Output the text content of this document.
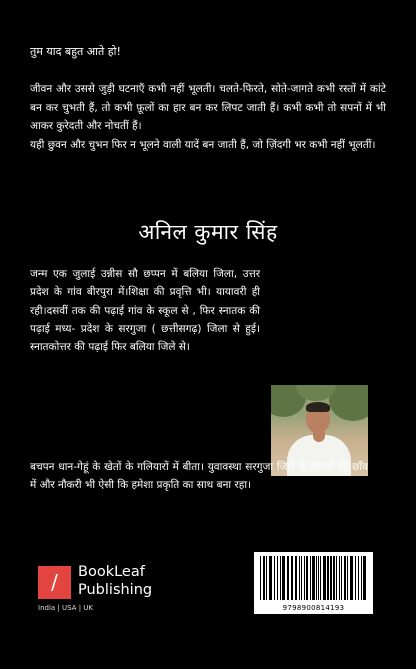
तुम याद बहुत आते हो!

जीवन और उससे जुड़ी घटनाएँ कभी नहीं भूलती। चलते-फिरते, सोते-जागते कभी रस्तों में कांटे बन कर चुभती हैं, तो कभी फ़ूलों का हार बन कर लिपट जाती हैं। कभी कभी तो सपनों में भी आकर कुरेदती और नोचतीं हैं।

यही छुवन और चुभन फिर न भूलने वाली यादें बन जाती हैं, जो ज़िंदगी भर कभी नहीं भूलतीं।

अनिल कुमार सिंह

जन्म एक जुलाई उन्नीस सौ छप्पन में बलिया जिला, उत्तर प्रदेश के गांव बीरपुरा में।शिक्षा की प्रवृत्ति भी। यायावरी ही रही।दसवीं तक की पढ़ाई गांव के स्कूल से , फिर स्नातक की पढ़ाई मध्य- प्रदेश के सरगुजा ( छत्तीसगढ़) जिला से हुई। स्नातकोत्तर की पढ़ाई फिर बलिया जिले से।

बचपन धान-गेहूं के खेतों के गलियारों में बीता। युवावस्था सरगुजा जिले के जंगलों की छाँव में और नौकरी भी ऐसी कि हमेशा प्रकृति का साथ बना रहा।

/	BookLeaf
Publishing
India | USA | UK	9798900814193
